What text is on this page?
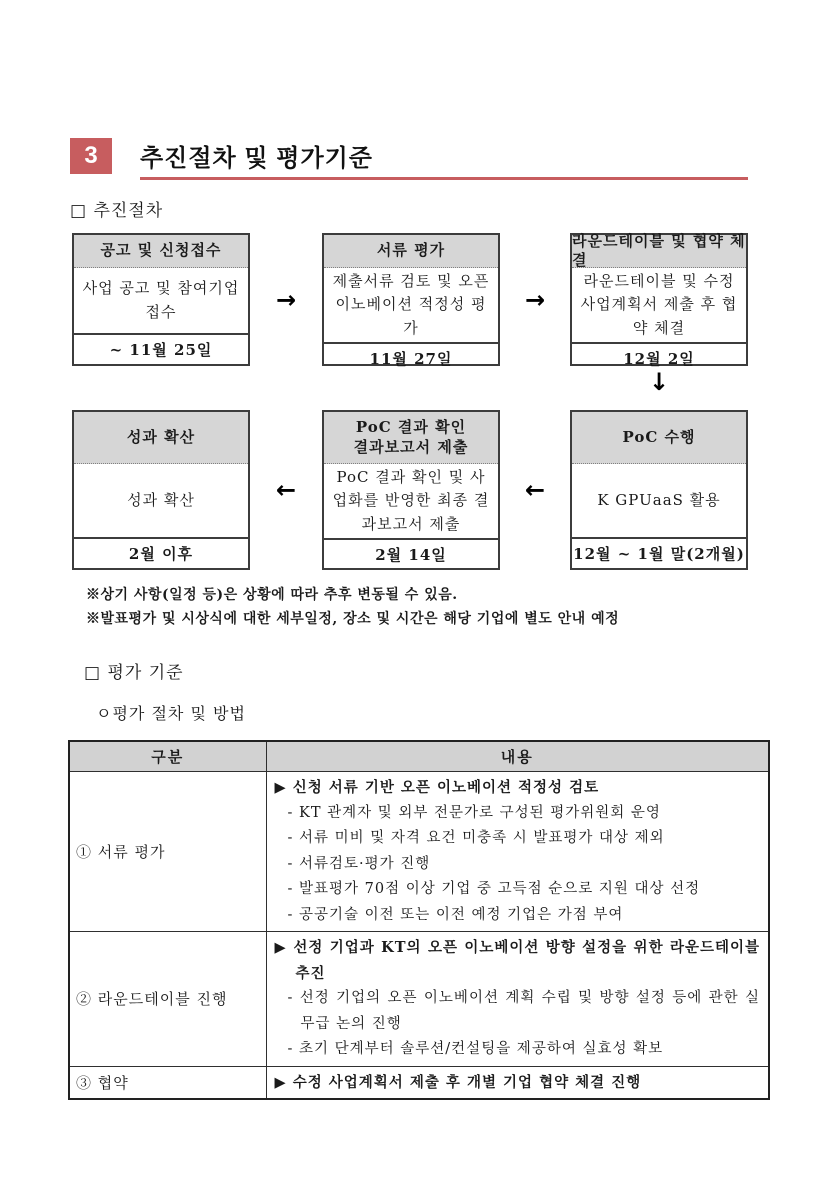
3	추진절차 및 평가기준
□ 추진절차
공고 및 신청접수
사업 공고 및 참여기업 접수
~ 11월 25일
→
서류 평가
제출서류 검토 및 오픈 이노베이션 적정성 평가
11월 27일
→
라운드테이블 및 협약 체결
라운드테이블 및 수정 사업계획서 제출 후 협약 체결
12월 2일
↓
성과 확산
성과 확산
2월 이후
←
PoC 결과 확인
결과보고서 제출
PoC 결과 확인 및 사업화를 반영한 최종 결과보고서 제출
2월 14일
←
PoC 수행
K GPUaaS 활용
12월 ~ 1월 말(2개월)
※상기 사항(일정 등)은 상황에 따라 추후 변동될 수 있음.
※발표평가 및 시상식에 대한 세부일정, 장소 및 시간은 해당 기업에 별도 안내 예정
□ 평가 기준
ㅇ평가 절차 및 방법
구분	내용
① 서류 평가	
▶ 신청 서류 기반 오픈 이노베이션 적정성 검토
- KT 관계자 및 외부 전문가로 구성된 평가위원회 운영
- 서류 미비 및 자격 요건 미충족 시 발표평가 대상 제외
- 서류검토·평가 진행
- 발표평가 70점 이상 기업 중 고득점 순으로 지원 대상 선정
- 공공기술 이전 또는 이전 예정 기업은 가점 부여

② 라운드테이블 진행	▶ 선정 기업과 KT의 오픈 이노베이션 방향 설정을 위한 라운드테이블 추진
- 선정 기업의 오픈 이노베이션 계획 수립 및 방향 설정 등에 관한 실무급 논의 진행
- 초기 단계부터 솔루션/컨설팅을 제공하여 실효성 확보

③ 협약	▶ 수정 사업계획서 제출 후 개별 기업 협약 체결 진행
